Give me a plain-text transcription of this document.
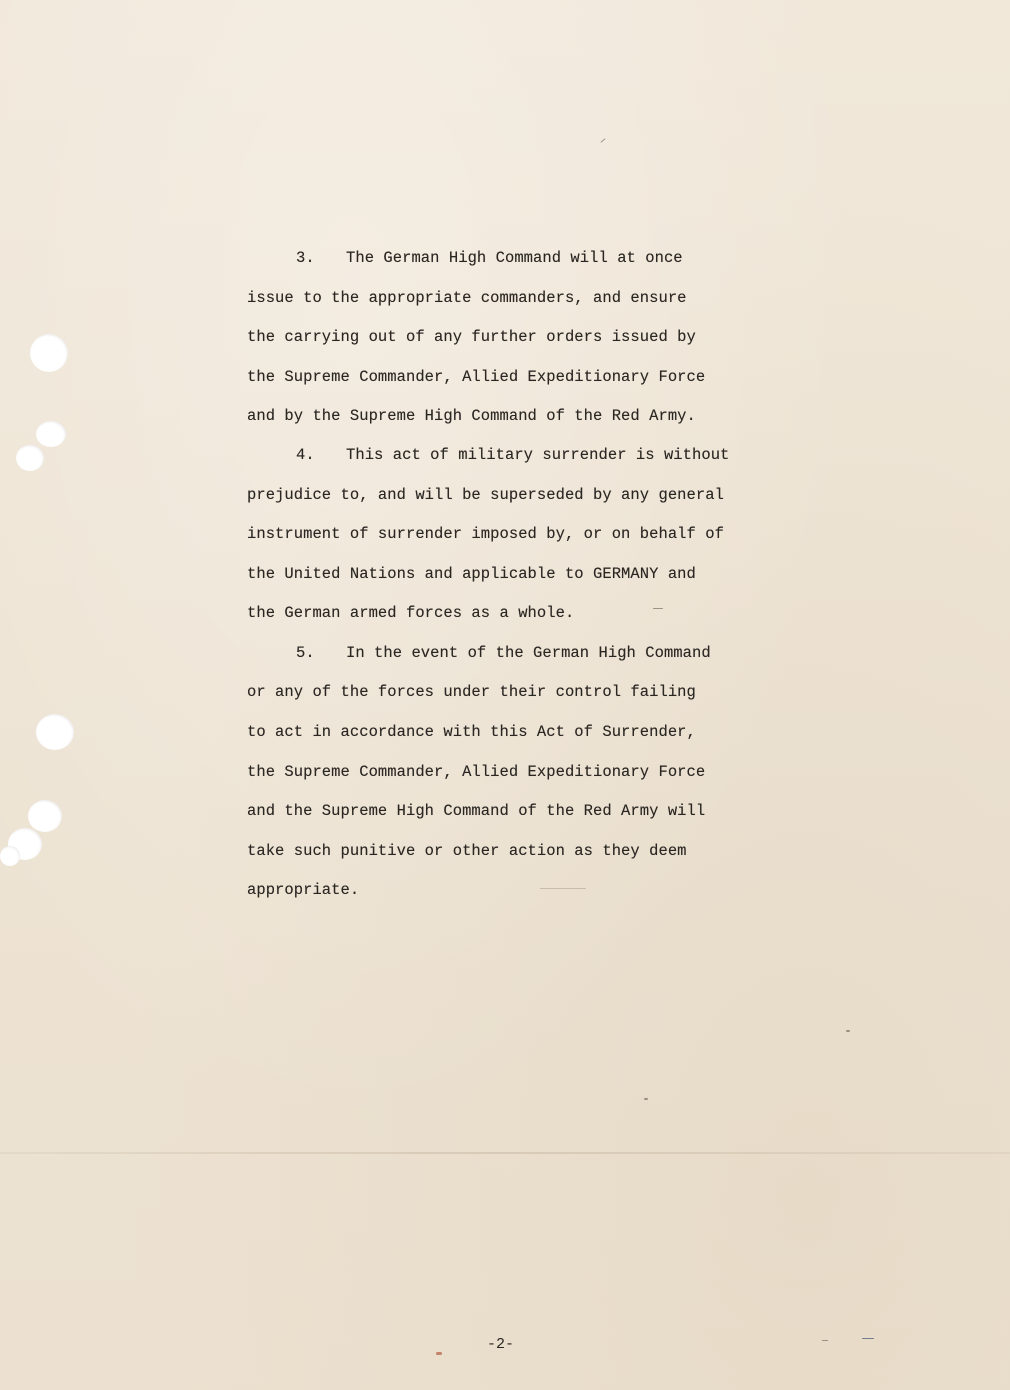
3. The German High Command will at once
issue to the appropriate commanders, and ensure
the carrying out of any further orders issued by
the Supreme Commander, Allied Expeditionary Force
and by the Supreme High Command of the Red Army.
4. This act of military surrender is without
prejudice to, and will be superseded by any general
instrument of surrender imposed by, or on behalf of
the United Nations and applicable to GERMANY and
the German armed forces as a whole.
5. In the event of the German High Command
or any of the forces under their control failing
to act in accordance with this Act of Surrender,
the Supreme Commander, Allied Expeditionary Force
and the Supreme High Command of the Red Army will
take such punitive or other action as they deem
appropriate.
-2-
